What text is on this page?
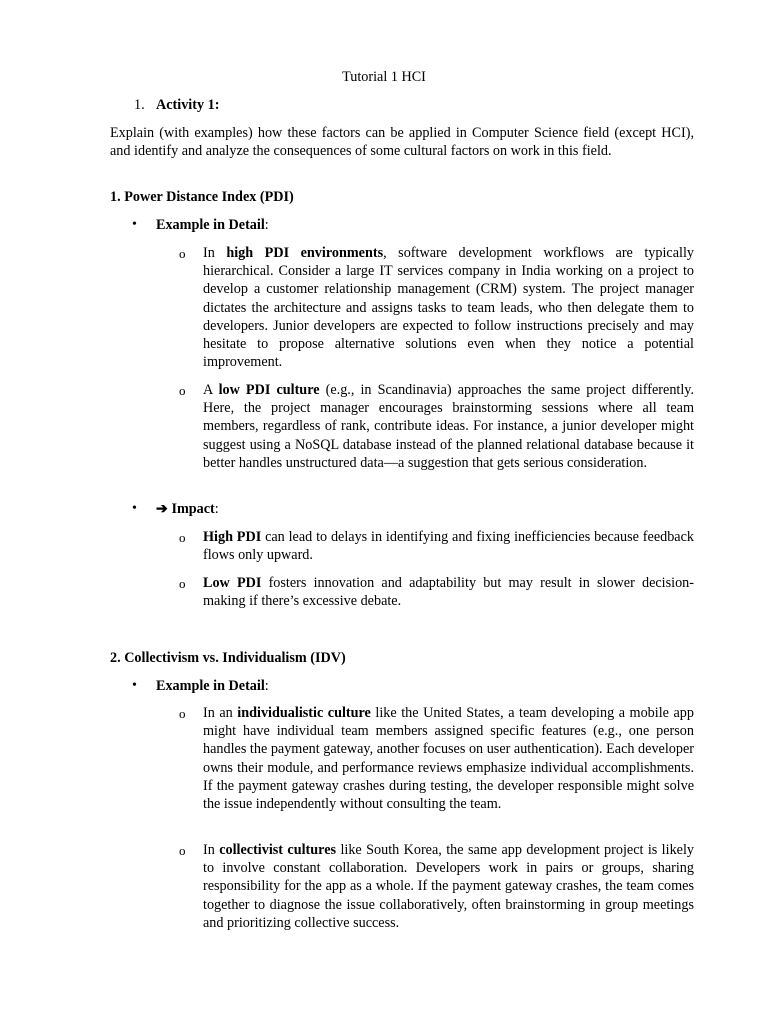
Tutorial 1 HCI
1. Activity 1:

Explain (with examples) how these factors can be applied in Computer Science field (except HCI), and identify and analyze the consequences of some cultural factors on work in this field.

1. Power Distance Index (PDI)
• Example in Detail:
o In high PDI environments, software development workflows are typically hierarchical. Consider a large IT services company in India working on a project to develop a customer relationship management (CRM) system. The project manager dictates the architecture and assigns tasks to team leads, who then delegate them to developers. Junior developers are expected to follow instructions precisely and may hesitate to propose alternative solutions even when they notice a potential improvement.

o A low PDI culture (e.g., in Scandinavia) approaches the same project differently. Here, the project manager encourages brainstorming sessions where all team members, regardless of rank, contribute ideas. For instance, a junior developer might suggest using a NoSQL database instead of the planned relational database because it better handles unstructured data—a suggestion that gets serious consideration.

• ➔ Impact:
o High PDI can lead to delays in identifying and fixing inefficiencies because feedback flows only upward.

o Low PDI fosters innovation and adaptability but may result in slower decision-making if there’s excessive debate.

2. Collectivism vs. Individualism (IDV)
• Example in Detail:
o In an individualistic culture like the United States, a team developing a mobile app might have individual team members assigned specific features (e.g., one person handles the payment gateway, another focuses on user authentication). Each developer owns their module, and performance reviews emphasize individual accomplishments. If the payment gateway crashes during testing, the developer responsible might solve the issue independently without consulting the team.

o In collectivist cultures like South Korea, the same app development project is likely to involve constant collaboration. Developers work in pairs or groups, sharing responsibility for the app as a whole. If the payment gateway crashes, the team comes together to diagnose the issue collaboratively, often brainstorming in group meetings and prioritizing collective success.
